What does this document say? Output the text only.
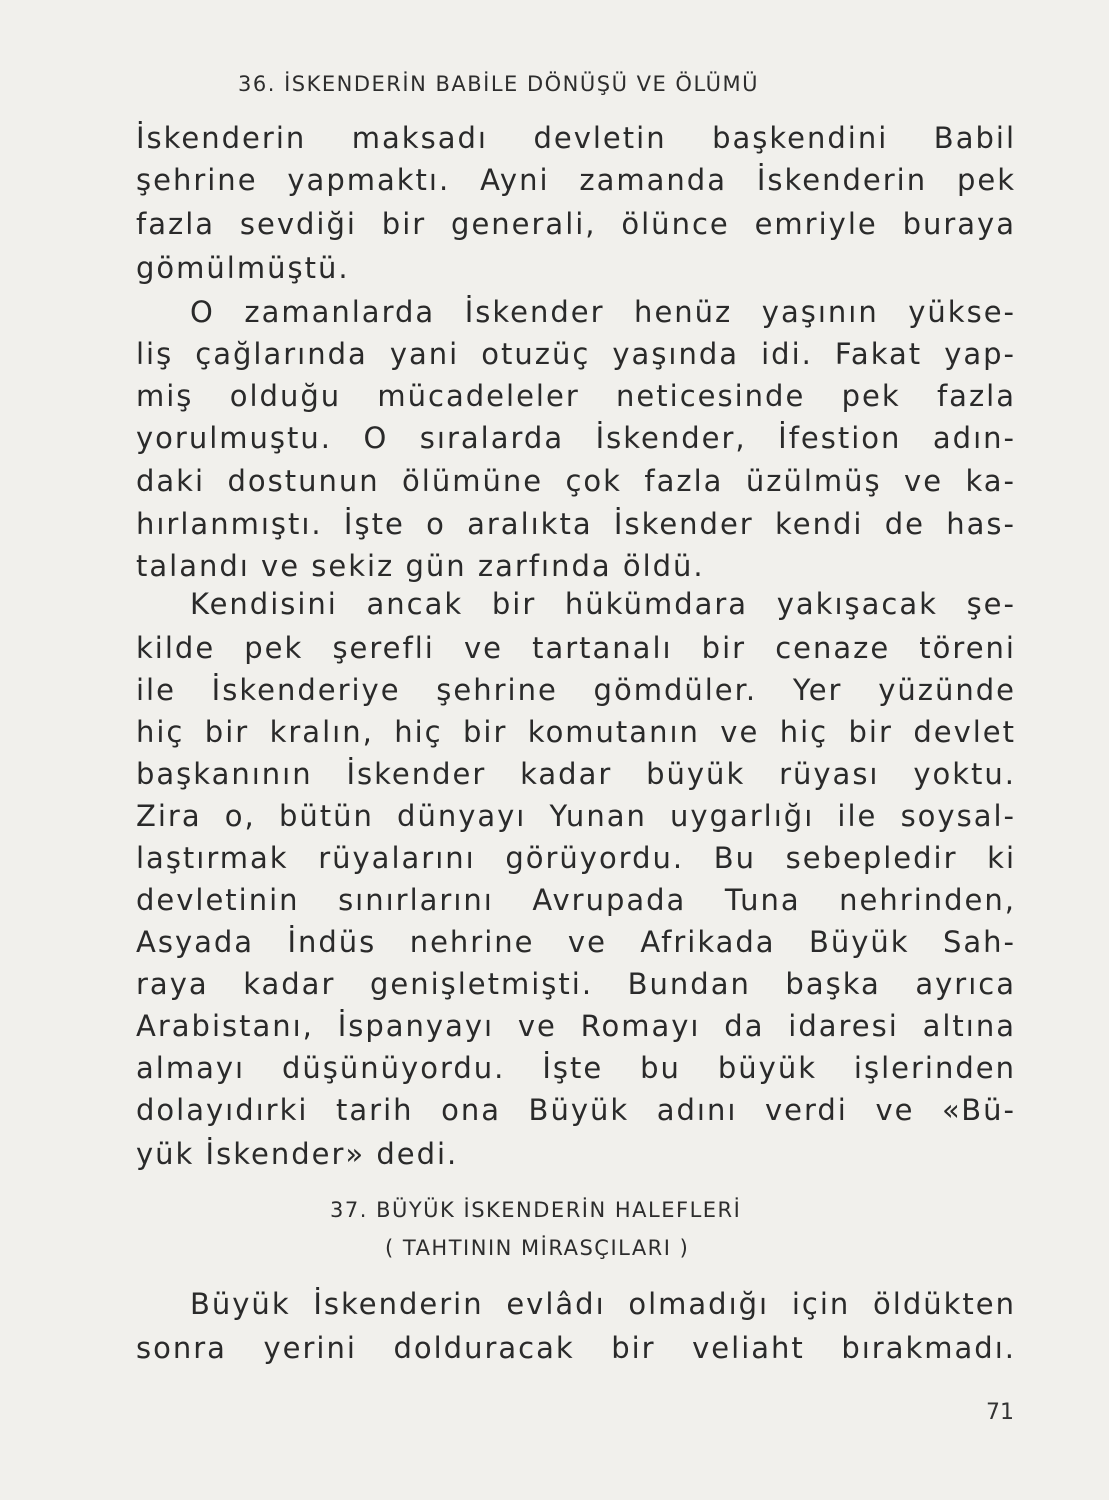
36. İSKENDERİN BABİLE DÖNÜŞÜ VE ÖLÜMÜ
İskenderin maksadı devletin başkendini Babil
şehrine yapmaktı. Ayni zamanda İskenderin pek
fazla sevdiği bir generali, ölünce emriyle buraya
gömülmüştü.
O zamanlarda İskender henüz yaşının yükse-
liş çağlarında yani otuzüç yaşında idi. Fakat yap-
miş olduğu mücadeleler neticesinde pek fazla
yorulmuştu. O sıralarda İskender, İfestion adın-
daki dostunun ölümüne çok fazla üzülmüş ve ka-
hırlanmıştı. İşte o aralıkta İskender kendi de has-
talandı ve sekiz gün zarfında öldü.
Kendisini ancak bir hükümdara yakışacak şe-
kilde pek şerefli ve tartanalı bir cenaze töreni
ile İskenderiye şehrine gömdüler. Yer yüzünde
hiç bir kralın, hiç bir komutanın ve hiç bir devlet
başkanının İskender kadar büyük rüyası yoktu.
Zira o, bütün dünyayı Yunan uygarlığı ile soysal-
laştırmak rüyalarını görüyordu. Bu sebepledir ki
devletinin sınırlarını Avrupada Tuna nehrinden,
Asyada İndüs nehrine ve Afrikada Büyük Sah-
raya kadar genişletmişti. Bundan başka ayrıca
Arabistanı, İspanyayı ve Romayı da idaresi altına
almayı düşünüyordu. İşte bu büyük işlerinden
dolayıdırki tarih ona Büyük adını verdi ve «Bü-
yük İskender» dedi.
37. BÜYÜK İSKENDERİN HALEFLERİ
( TAHTININ MİRASÇILARI )
Büyük İskenderin evlâdı olmadığı için öldükten
sonra yerini dolduracak bir veliaht bırakmadı.
71
